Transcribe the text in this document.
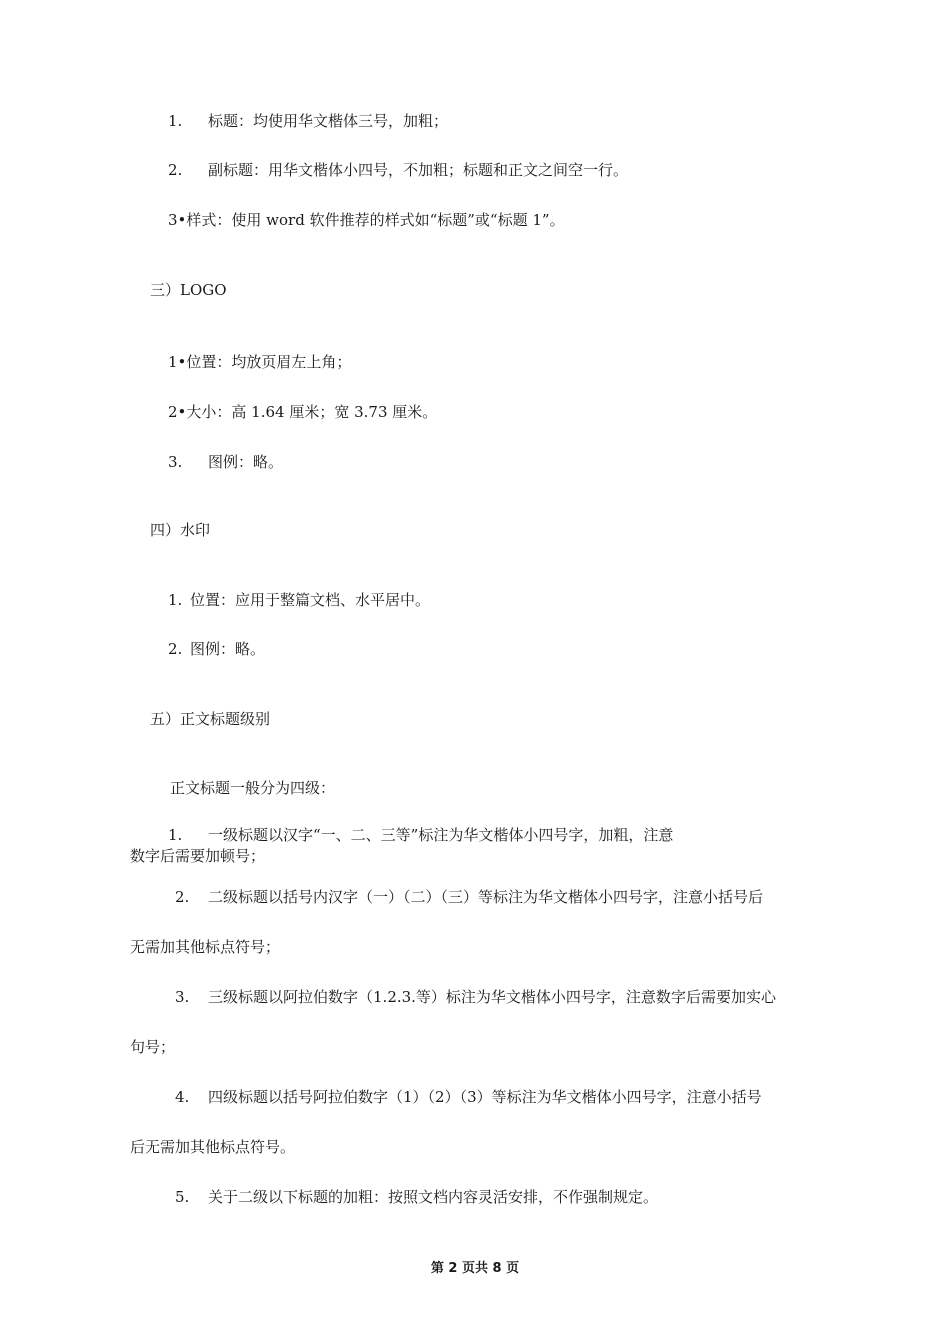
1. 标题：均使用华文楷体三号，加粗；
2. 副标题：用华文楷体小四号，不加粗；标题和正文之间空一行。
3•样式：使用 word 软件推荐的样式如“标题”或“标题 1”。
三）LOGO
1•位置：均放页眉左上角；
2•大小：高 1.64 厘米；宽 3.73 厘米。
3. 图例：略。
四）水印
1. 位置：应用于整篇文档、水平居中。
2. 图例：略。
五）正文标题级别
正文标题一般分为四级：
1. 一级标题以汉字“一、二、三等”标注为华文楷体小四号字，加粗，注意
数字后需要加顿号；
2. 二级标题以括号内汉字（一）（二）（三）等标注为华文楷体小四号字，注意小括号后
无需加其他标点符号；
3. 三级标题以阿拉伯数字（1.2.3.等）标注为华文楷体小四号字，注意数字后需要加实心
句号；
4. 四级标题以括号阿拉伯数字（1）（2）（3）等标注为华文楷体小四号字，注意小括号
后无需加其他标点符号。
5. 关于二级以下标题的加粗：按照文档内容灵活安排，不作强制规定。
第 2 页共 8 页
